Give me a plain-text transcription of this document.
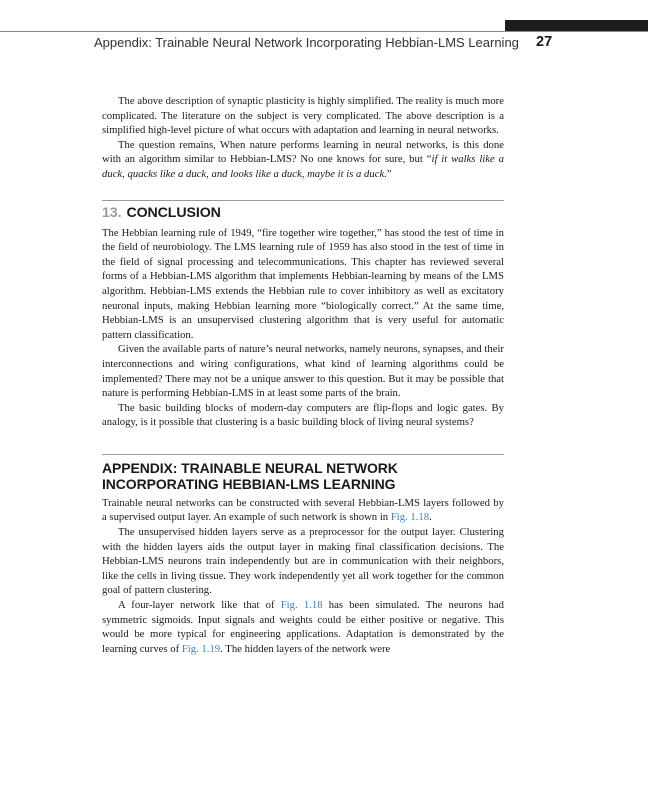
Appendix: Trainable Neural Network Incorporating Hebbian-LMS Learning 27

The above description of synaptic plasticity is highly simplified. The reality is much more complicated. The literature on the subject is very complicated. The above description is a simplified high-level picture of what occurs with adaptation and learning in neural networks.

The question remains, When nature performs learning in neural networks, is this done with an algorithm similar to Hebbian-LMS? No one knows for sure, but “if it walks like a duck, quacks like a duck, and looks like a duck, maybe it is a duck.”

13. CONCLUSION

The Hebbian learning rule of 1949, “fire together wire together,” has stood the test of time in the field of neurobiology. The LMS learning rule of 1959 has also stood in the test of time in the field of signal processing and telecommunications. This chapter has reviewed several forms of a Hebbian-LMS algorithm that implements Hebbian-learning by means of the LMS algorithm. Hebbian-LMS extends the Hebbian rule to cover inhibitory as well as excitatory neuronal inputs, making Hebbian learning more “biologically correct.” At the same time, Hebbian-LMS is an unsupervised clustering algorithm that is very useful for automatic pattern classification.

Given the available parts of nature’s neural networks, namely neurons, synapses, and their interconnections and wiring configurations, what kind of learning algorithms could be implemented? There may not be a unique answer to this question. But it may be possible that nature is performing Hebbian-LMS in at least some parts of the brain.

The basic building blocks of modern-day computers are flip-flops and logic gates. By analogy, is it possible that clustering is a basic building block of living neural systems?

APPENDIX: TRAINABLE NEURAL NETWORK INCORPORATING HEBBIAN-LMS LEARNING

Trainable neural networks can be constructed with several Hebbian-LMS layers followed by a supervised output layer. An example of such network is shown in Fig. 1.18.

The unsupervised hidden layers serve as a preprocessor for the output layer. Clustering with the hidden layers aids the output layer in making final classification decisions. The Hebbian-LMS neurons train independently but are in communication with their neighbors, like the cells in living tissue. They work independently yet all work together for the common goal of pattern clustering.

A four-layer network like that of Fig. 1.18 has been simulated. The neurons had symmetric sigmoids. Input signals and weights could be either positive or negative. This would be more typical for engineering applications. Adaptation is demonstrated by the learning curves of Fig. 1.19. The hidden layers of the network were
